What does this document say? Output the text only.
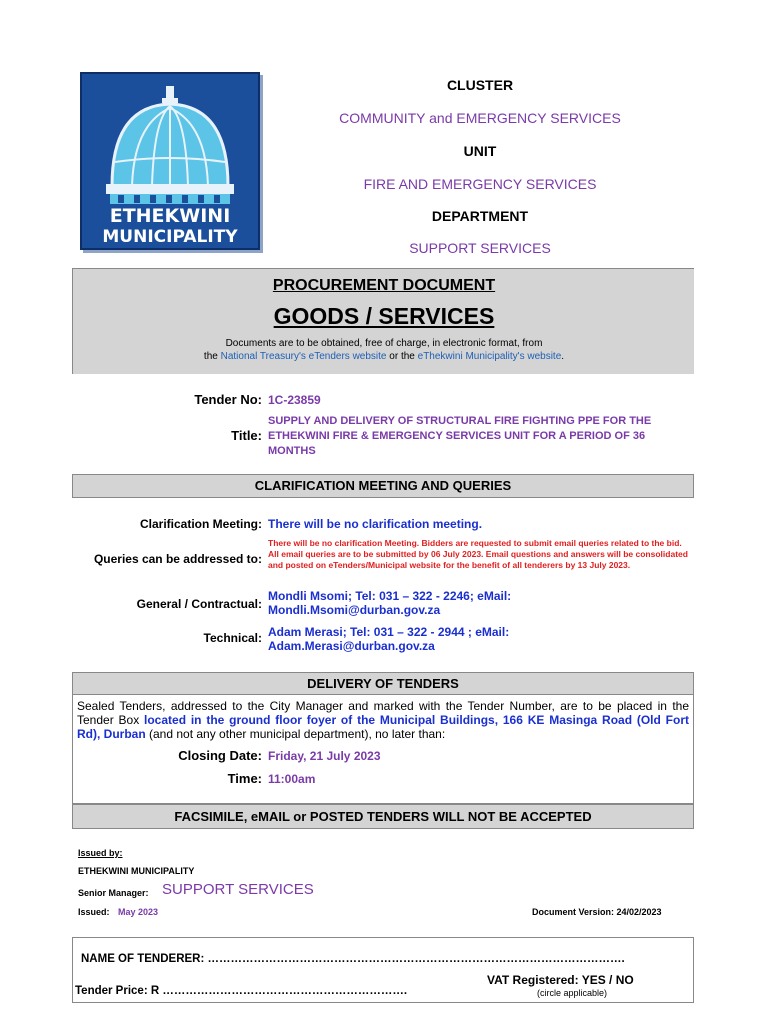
ETHEKWINI
MUNICIPALITY
CLUSTER
COMMUNITY and EMERGENCY SERVICES
UNIT
FIRE AND EMERGENCY SERVICES
DEPARTMENT
SUPPORT SERVICES
PROCUREMENT DOCUMENT
GOODS / SERVICES
Documents are to be obtained, free of charge, in electronic format, from
the National Treasury's eTenders website or the eThekwini Municipality's website.
Tender No: 1C-23859
Title:
SUPPLY AND DELIVERY OF STRUCTURAL FIRE FIGHTING PPE FOR THE ETHEKWINI FIRE & EMERGENCY SERVICES UNIT FOR A PERIOD OF 36 MONTHS
CLARIFICATION MEETING AND QUERIES
Clarification Meeting: There will be no clarification meeting.
Queries can be addressed to:
There will be no clarification Meeting. Bidders are requested to submit email queries related to the bid. All email queries are to be submitted by 06 July 2023. Email questions and answers will be consolidated and posted on eTenders/Municipal website for the benefit of all tenderers by 13 July 2023.
General / Contractual:
Mondli Msomi; Tel: 031 – 322 - 2246; eMail:
Mondli.Msomi@durban.gov.za
Technical: Adam Merasi; Tel: 031 – 322 - 2944 ; eMail:
Adam.Merasi@durban.gov.za
DELIVERY OF TENDERS
Sealed Tenders, addressed to the City Manager and marked with the Tender Number, are to be placed in the Tender Box located in the ground floor foyer of the Municipal Buildings, 166 KE Masinga Road (Old Fort Rd), Durban (and not any other municipal department), no later than:
Closing Date: Friday, 21 July 2023
Time: 11:00am
FACSIMILE, eMAIL or POSTED TENDERS WILL NOT BE ACCEPTED
Issued by:
ETHEKWINI MUNICIPALITY
Senior Manager: SUPPORT SERVICES
Issued: May 2023	Document Version: 24/02/2023
NAME OF TENDERER: ……………………………………………………………………………………………….
VAT Registered: YES / NO
(circle applicable)
Tender Price: R ……………………………………………………….
